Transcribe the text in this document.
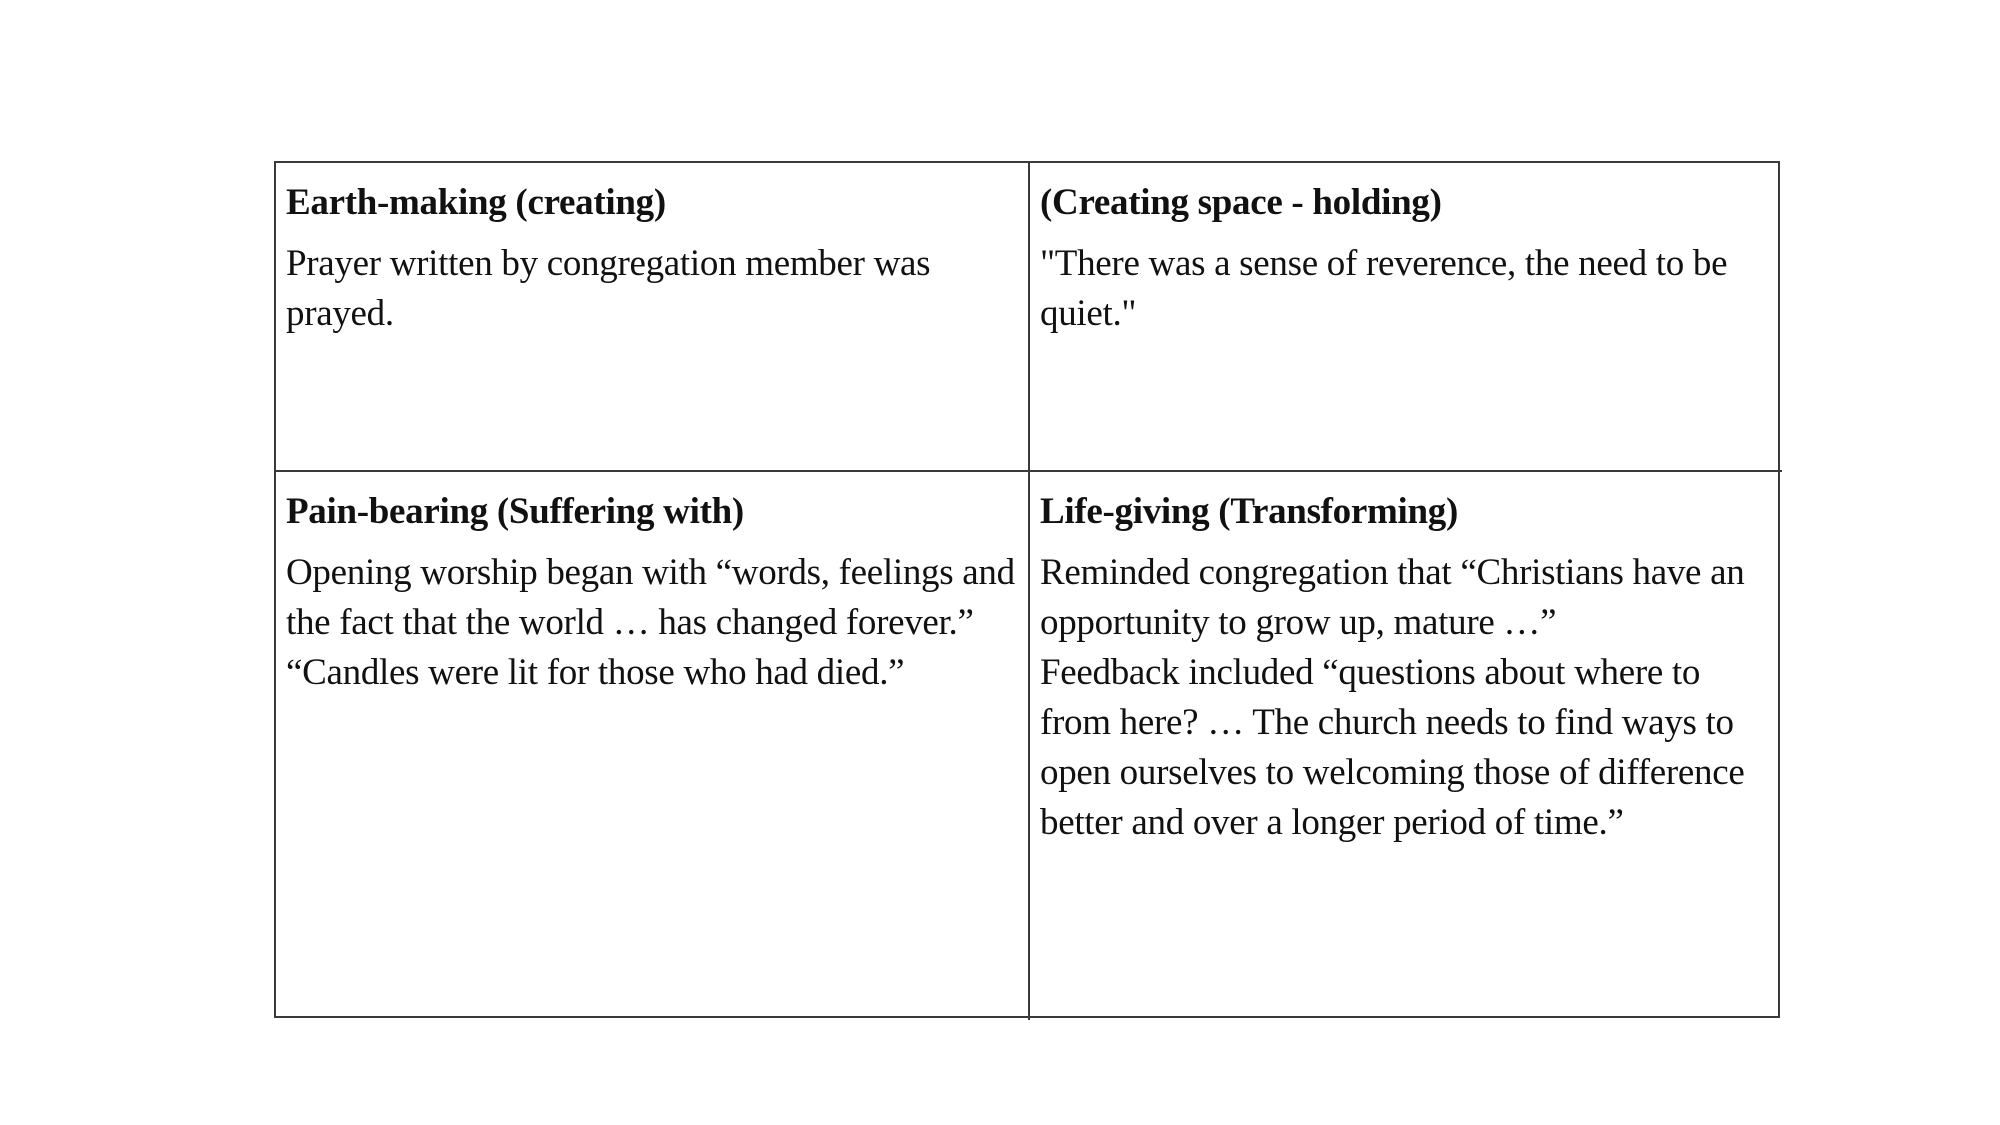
Earth-making (creating)

Prayer written by congregation member was prayed.

(Creating space - holding)

"There was a sense of reverence, the need to be quiet."

Pain-bearing (Suffering with)

Opening worship began with “words, feelings and the fact that the world … has changed forever.”

“Candles were lit for those who had died.”

Life-giving (Transforming)

Reminded congregation that “Christians have an opportunity to grow up, mature …”

Feedback included “questions about where to from here? … The church needs to find ways to open ourselves to welcoming those of difference better and over a longer period of time.”
